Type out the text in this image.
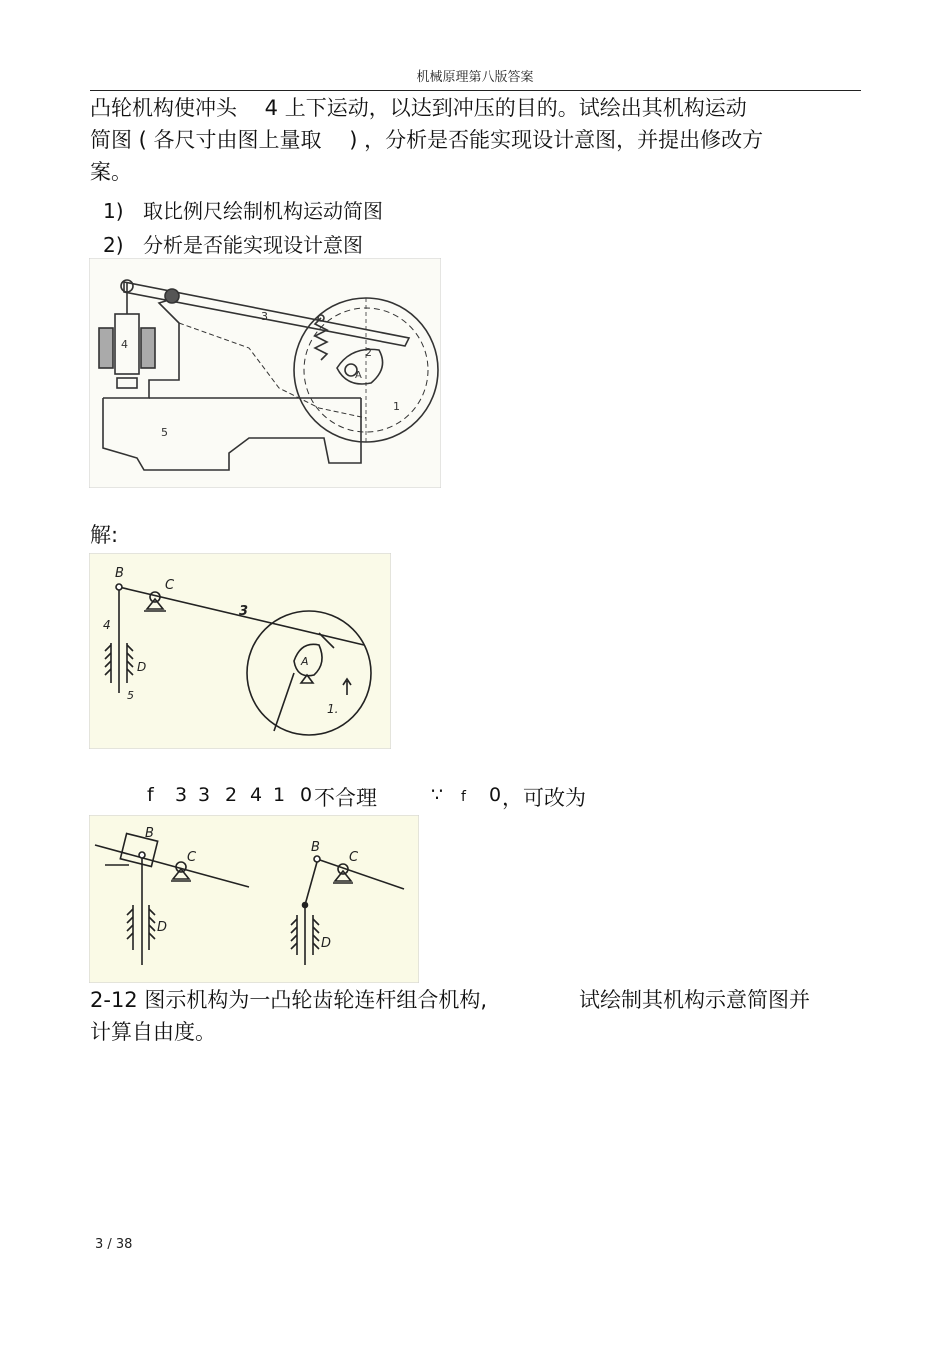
机械原理第八版答案
凸轮机构使冲头　 4 上下运动，以达到冲压的目的。试绘出其机构运动
简图 ( 各尺寸由图上量取　 ) ，分析是否能实现设计意图，并提出修改方
案。
1) 取比例尺绘制机构运动简图
2) 分析是否能实现设计意图
3
4
5
2
A
1
解:
B
C
3
4
D
5
A
1.
f 3 3 2 4 1 0 不合理	∵ f 0 ，可改为
B
C
D
B
C
D
2-12 图示机构为一凸轮齿轮连杆组合机构,	试绘制其机构示意简图并
计算自由度。
3 / 38
